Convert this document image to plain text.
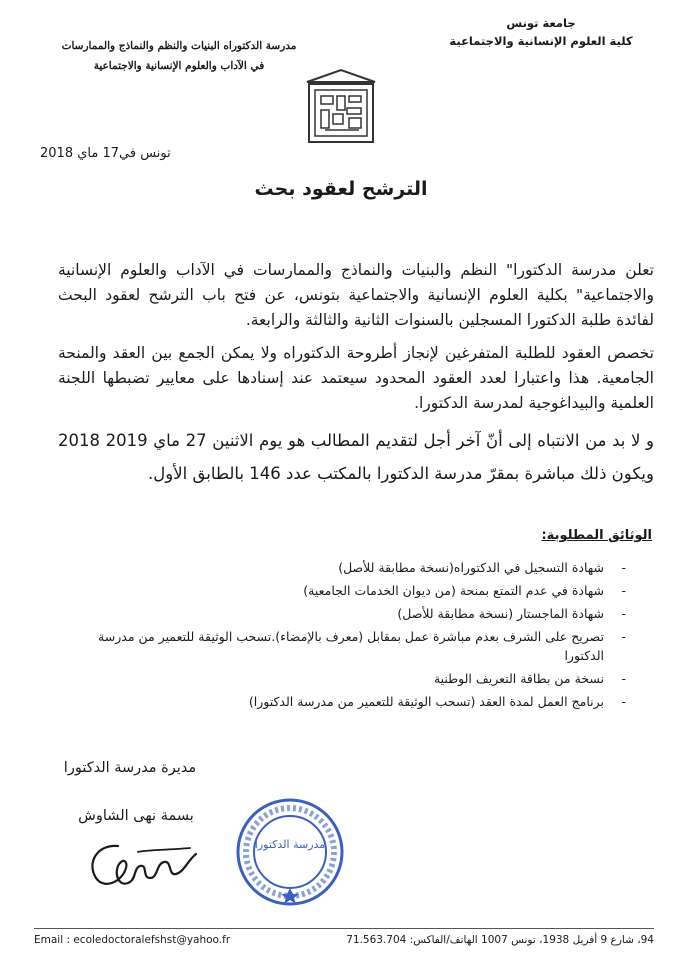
جامعة تونس
كلية العلوم الإنسانية والاجتماعية
مدرسة الدكتوراه البنيات والنظم والنماذج والممارسات
في الآداب والعلوم الإنسانية والاجتماعية
تونس في17 ماي 2018
الترشح لعقود بحث

تعلن مدرسة الدكتورا" النظم والبنيات والنماذج والممارسات في الآداب والعلوم الإنسانية والاجتماعية" بكلية العلوم الإنسانية والاجتماعية بتونس، عن فتح باب الترشح لعقود البحث لفائدة طلبة الدكتورا المسجلين بالسنوات الثانية والثالثة والرابعة.

تخصص العقود للطلبة المتفرغين لإنجاز أطروحة الدكتوراه ولا يمكن الجمع بين العقد والمنحة الجامعية. هذا واعتبارا لعدد العقود المحدود سيعتمد عند إسنادها على معايير تضبطها اللجنة العلمية والبيداغوجية لمدرسة الدكتورا.

و لا بد من الانتباه إلى أنّ آخر أجل لتقديم المطالب هو يوم الاثنين 27 ماي 2019 2018 ويكون ذلك مباشرة بمقرّ مدرسة الدكتورا بالمكتب عدد 146 بالطابق الأول.

الوثائق المطلوبة:
- شهادة التسجيل في الدكتوراه(نسخة مطابقة للأصل)
- شهادة في عدم التمتع بمنحة (من ديوان الخدمات الجامعية)
- شهادة الماجستار (نسخة مطابقة للأصل)
- تصريح على الشرف بعدم مباشرة عمل بمقابل (معرف بالإمضاء).تسحب الوثيقة للتعمير من مدرسة الدكتورا
- نسخة من بطاقة التعريف الوطنية
- برنامج العمل لمدة العقد (تسحب الوثيقة للتعمير من مدرسة الدكتورا)
مديرة مدرسة الدكتورا
بسمة نهى الشاوش
مدرسة الدكتورا
Email : ecoledoctoralefshst@yahoo.fr	94، شارع 9 أفريل 1938، تونس 1007 الهاتف/الفاكس: 71.563.704
